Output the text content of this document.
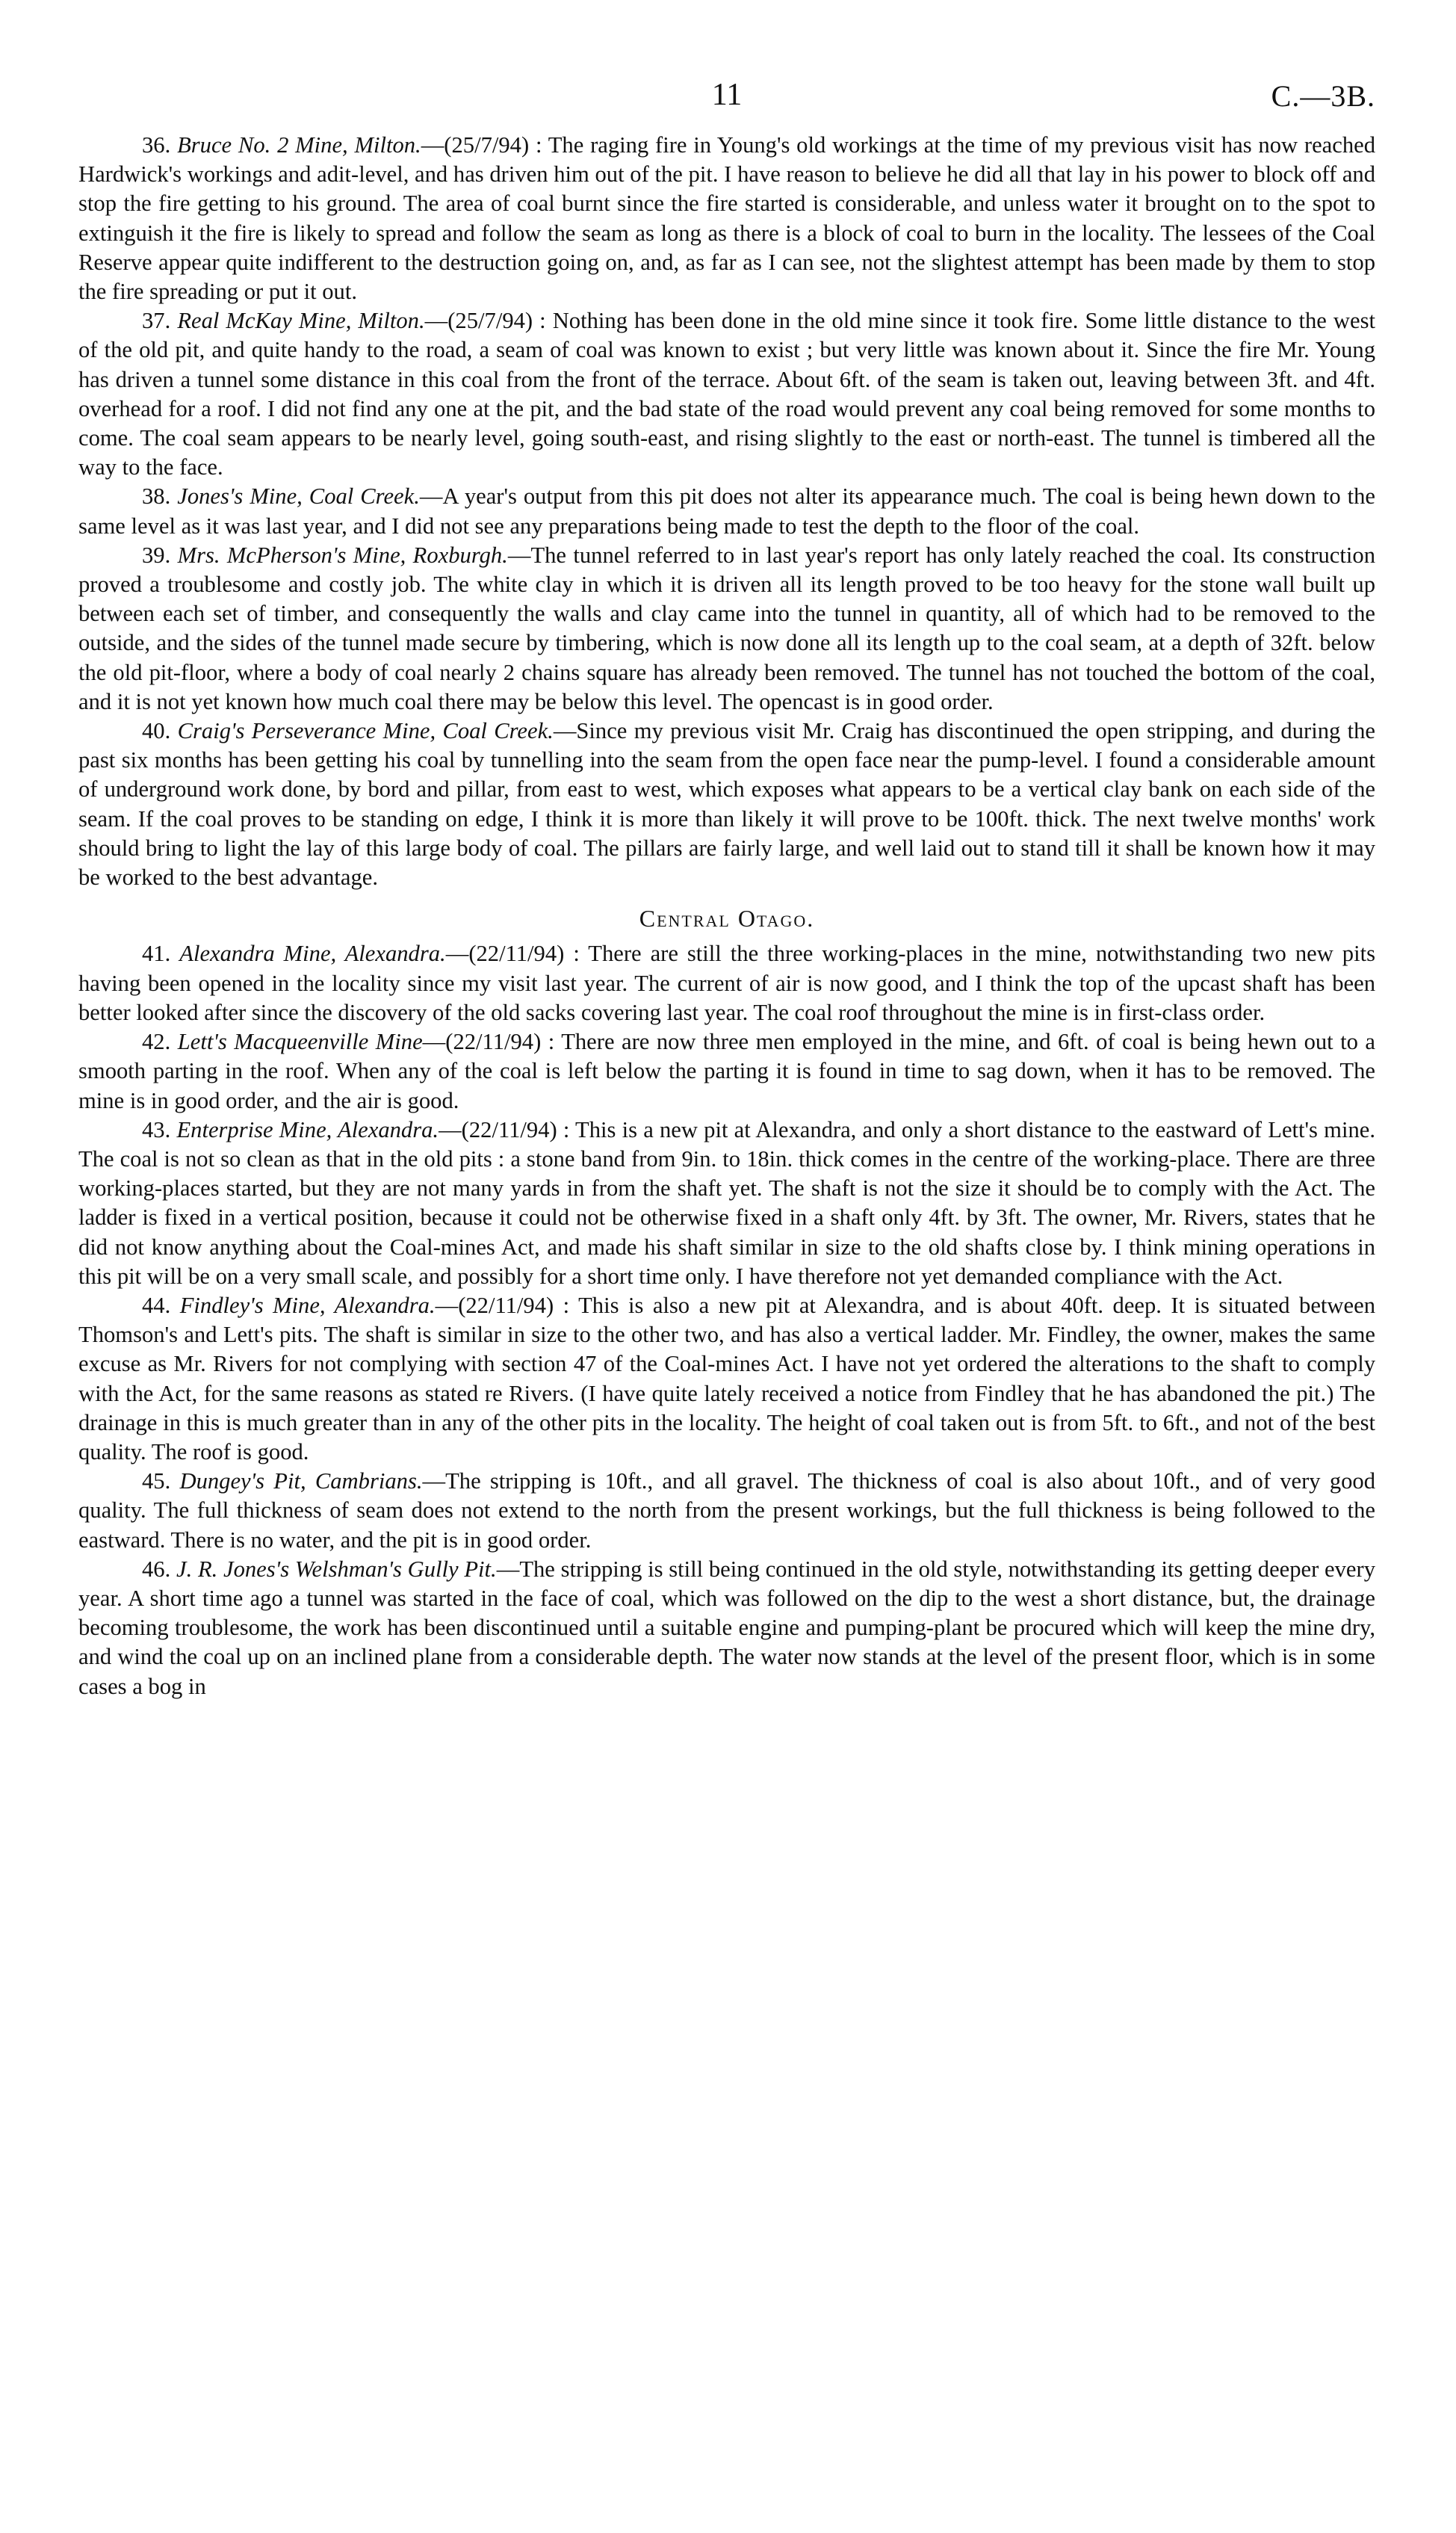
11	C.—3B.

36. Bruce No. 2 Mine, Milton.—(25/7/94) : The raging fire in Young's old workings at the time of my previous visit has now reached Hardwick's workings and adit-level, and has driven him out of the pit. I have reason to believe he did all that lay in his power to block off and stop the fire getting to his ground. The area of coal burnt since the fire started is considerable, and unless water it brought on to the spot to extinguish it the fire is likely to spread and follow the seam as long as there is a block of coal to burn in the locality. The lessees of the Coal Reserve appear quite indifferent to the destruction going on, and, as far as I can see, not the slightest attempt has been made by them to stop the fire spreading or put it out.

37. Real McKay Mine, Milton.—(25/7/94) : Nothing has been done in the old mine since it took fire. Some little distance to the west of the old pit, and quite handy to the road, a seam of coal was known to exist ; but very little was known about it. Since the fire Mr. Young has driven a tunnel some distance in this coal from the front of the terrace. About 6ft. of the seam is taken out, leaving between 3ft. and 4ft. overhead for a roof. I did not find any one at the pit, and the bad state of the road would prevent any coal being removed for some months to come. The coal seam appears to be nearly level, going south-east, and rising slightly to the east or north-east. The tunnel is timbered all the way to the face.

38. Jones's Mine, Coal Creek.—A year's output from this pit does not alter its appearance much. The coal is being hewn down to the same level as it was last year, and I did not see any preparations being made to test the depth to the floor of the coal.

39. Mrs. McPherson's Mine, Roxburgh.—The tunnel referred to in last year's report has only lately reached the coal. Its construction proved a troublesome and costly job. The white clay in which it is driven all its length proved to be too heavy for the stone wall built up between each set of timber, and consequently the walls and clay came into the tunnel in quantity, all of which had to be removed to the outside, and the sides of the tunnel made secure by timbering, which is now done all its length up to the coal seam, at a depth of 32ft. below the old pit-floor, where a body of coal nearly 2 chains square has already been removed. The tunnel has not touched the bottom of the coal, and it is not yet known how much coal there may be below this level. The opencast is in good order.

40. Craig's Perseverance Mine, Coal Creek.—Since my previous visit Mr. Craig has discontinued the open stripping, and during the past six months has been getting his coal by tunnelling into the seam from the open face near the pump-level. I found a considerable amount of underground work done, by bord and pillar, from east to west, which exposes what appears to be a vertical clay bank on each side of the seam. If the coal proves to be standing on edge, I think it is more than likely it will prove to be 100ft. thick. The next twelve months' work should bring to light the lay of this large body of coal. The pillars are fairly large, and well laid out to stand till it shall be known how it may be worked to the best advantage.

Central Otago.

41. Alexandra Mine, Alexandra.—(22/11/94) : There are still the three working-places in the mine, notwithstanding two new pits having been opened in the locality since my visit last year. The current of air is now good, and I think the top of the upcast shaft has been better looked after since the discovery of the old sacks covering last year. The coal roof throughout the mine is in first-class order.

42. Lett's Macqueenville Mine—(22/11/94) : There are now three men employed in the mine, and 6ft. of coal is being hewn out to a smooth parting in the roof. When any of the coal is left below the parting it is found in time to sag down, when it has to be removed. The mine is in good order, and the air is good.

43. Enterprise Mine, Alexandra.—(22/11/94) : This is a new pit at Alexandra, and only a short distance to the eastward of Lett's mine. The coal is not so clean as that in the old pits : a stone band from 9in. to 18in. thick comes in the centre of the working-place. There are three working-places started, but they are not many yards in from the shaft yet. The shaft is not the size it should be to comply with the Act. The ladder is fixed in a vertical position, because it could not be otherwise fixed in a shaft only 4ft. by 3ft. The owner, Mr. Rivers, states that he did not know anything about the Coal-mines Act, and made his shaft similar in size to the old shafts close by. I think mining operations in this pit will be on a very small scale, and possibly for a short time only. I have therefore not yet demanded compliance with the Act.

44. Findley's Mine, Alexandra.—(22/11/94) : This is also a new pit at Alexandra, and is about 40ft. deep. It is situated between Thomson's and Lett's pits. The shaft is similar in size to the other two, and has also a vertical ladder. Mr. Findley, the owner, makes the same excuse as Mr. Rivers for not complying with section 47 of the Coal-mines Act. I have not yet ordered the alterations to the shaft to comply with the Act, for the same reasons as stated re Rivers. (I have quite lately received a notice from Findley that he has abandoned the pit.) The drainage in this is much greater than in any of the other pits in the locality. The height of coal taken out is from 5ft. to 6ft., and not of the best quality. The roof is good.

45. Dungey's Pit, Cambrians.—The stripping is 10ft., and all gravel. The thickness of coal is also about 10ft., and of very good quality. The full thickness of seam does not extend to the north from the present workings, but the full thickness is being followed to the eastward. There is no water, and the pit is in good order.

46. J. R. Jones's Welshman's Gully Pit.—The stripping is still being continued in the old style, notwithstanding its getting deeper every year. A short time ago a tunnel was started in the face of coal, which was followed on the dip to the west a short distance, but, the drainage becoming troublesome, the work has been discontinued until a suitable engine and pumping-plant be procured which will keep the mine dry, and wind the coal up on an inclined plane from a considerable depth. The water now stands at the level of the present floor, which is in some cases a bog in
